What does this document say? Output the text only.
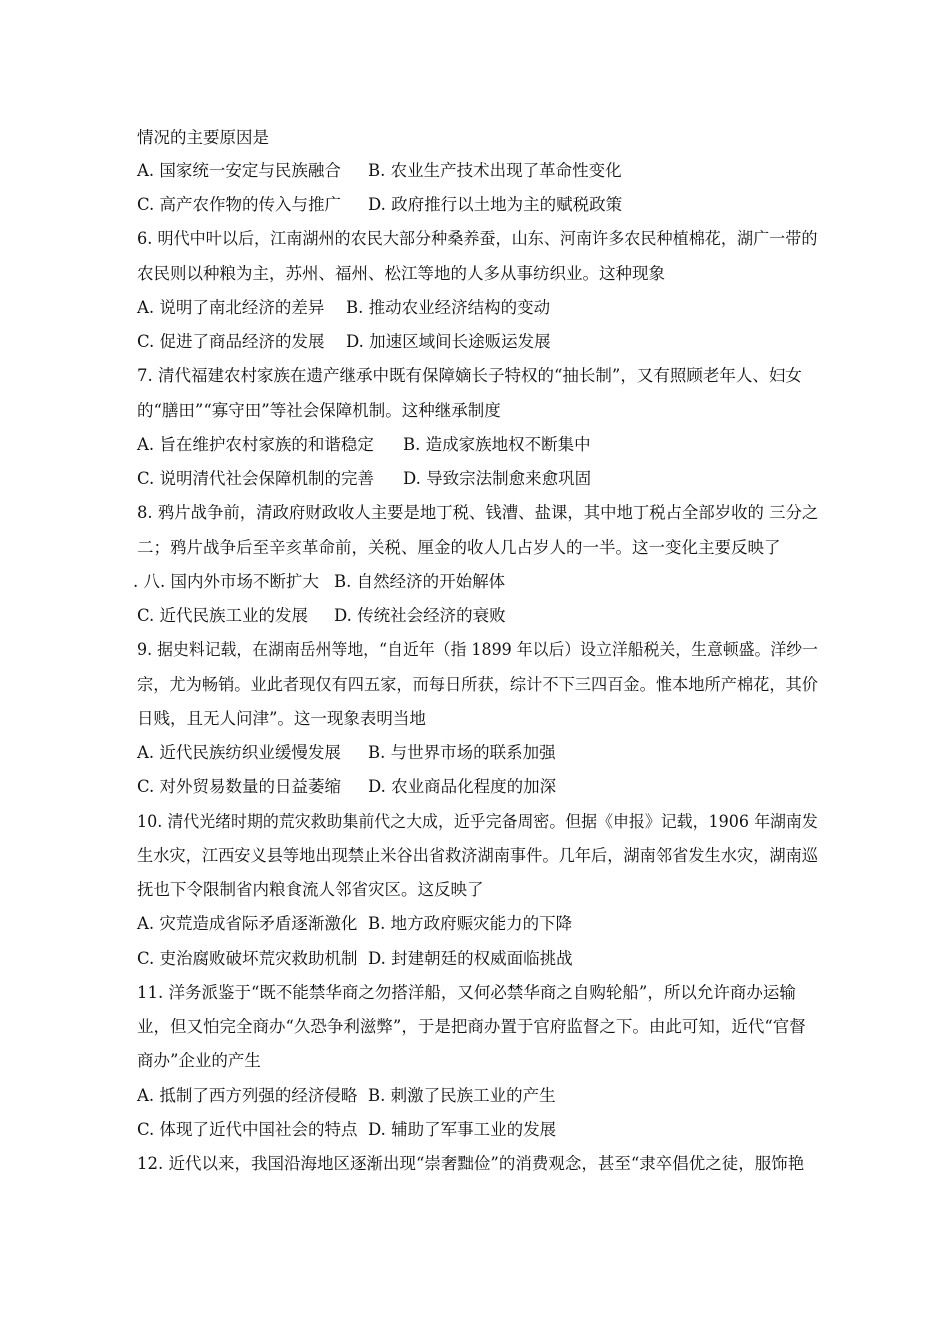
情况的主要原因是
A. 国家统一安定与民族融合 B. 农业生产技术出现了革命性变化
C. 高产农作物的传入与推广 D. 政府推行以土地为主的赋税政策
6. 明代中叶以后，江南湖州的农民大部分种桑养蚕，山东、河南许多农民种植棉花，湖广一带的
农民则以种粮为主，苏州、福州、松江等地的人多从事纺织业。这种现象
A. 说明了南北经济的差异 B. 推动农业经济结构的变动
C. 促进了商品经济的发展 D. 加速区域间长途贩运发展
7. 清代福建农村家族在遗产继承中既有保障嫡长子特权的“抽长制”，又有照顾老年人、妇女
的“膳田”“寡守田”等社会保障机制。这种继承制度
A. 旨在维护农村家族的和谐稳定 B. 造成家族地权不断集中
C. 说明清代社会保障机制的完善 D. 导致宗法制愈来愈巩固
8. 鸦片战争前，清政府财政收人主要是地丁税、钱漕、盐课，其中地丁税占全部岁收的 三分之
二；鸦片战争后至辛亥革命前，关税、厘金的收人几占岁人的一半。这一变化主要反映了
. 八. 国内外市场不断扩大 B. 自然经济的开始解体
C. 近代民族工业的发展 D. 传统社会经济的衰败
9. 据史料记载，在湖南岳州等地，“自近年（指 1899 年以后）设立洋船税关，生意顿盛。洋纱一
宗，尤为畅销。业此者现仅有四五家，而每日所获，综计不下三四百金。惟本地所产棉花，其价
日贱，且无人问津”。这一现象表明当地
A. 近代民族纺织业缓慢发展 B. 与世界市场的联系加强
C. 对外贸易数量的日益萎缩 D. 农业商品化程度的加深
10. 清代光绪时期的荒灾救助集前代之大成，近乎完备周密。但据《申报》记载，1906 年湖南发
生水灾，江西安义县等地出现禁止米谷出省救济湖南事件。几年后，湖南邻省发生水灾，湖南巡
抚也下令限制省内粮食流人邻省灾区。这反映了
A. 灾荒造成省际矛盾逐渐激化 B. 地方政府赈灾能力的下降
C. 吏治腐败破坏荒灾救助机制 D. 封建朝廷的权威面临挑战
11. 洋务派鉴于“既不能禁华商之勿搭洋船，又何必禁华商之自购轮船”，所以允许商办运输
业，但又怕完全商办“久恐争利滋弊”，于是把商办置于官府监督之下。由此可知，近代“官督
商办”企业的产生
A. 抵制了西方列强的经济侵略 B. 刺激了民族工业的产生
C. 体现了近代中国社会的特点 D. 辅助了军事工业的发展
12. 近代以来，我国沿海地区逐渐出现“崇奢黜俭”的消费观念，甚至“隶卒倡优之徒，服饰艳
